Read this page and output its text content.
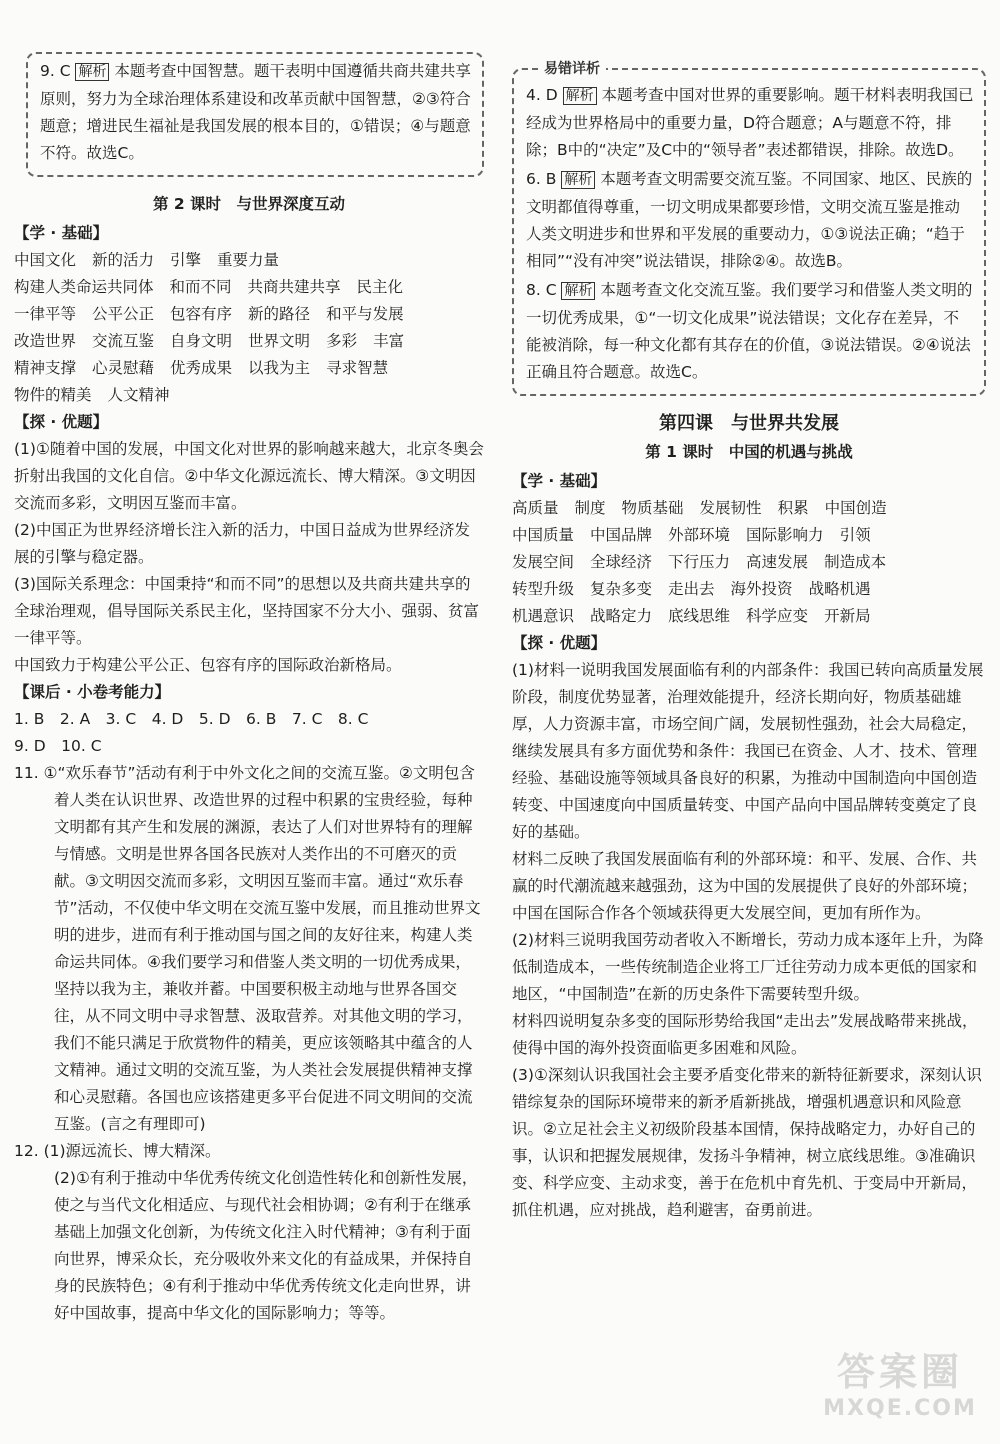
9. C 解析 本题考查中国智慧。题干表明中国遵循共商共建共享原则，努力为全球治理体系建设和改革贡献中国智慧，②③符合题意；增进民生福祉是我国发展的根本目的，①错误；④与题意不符。故选C。

第 2 课时　与世界深度互动

【学 · 基础】

中国文化 新的活力 引擎 重要力量
构建人类命运共同体 和而不同 共商共建共享 民主化
一律平等 公平公正 包容有序 新的路径 和平与发展
改造世界 交流互鉴 自身文明 世界文明 多彩 丰富
精神支撑 心灵慰藉 优秀成果 以我为主 寻求智慧
物件的精美 人文精神

【探 · 优题】

(1)①随着中国的发展，中国文化对世界的影响越来越大，北京冬奥会折射出我国的文化自信。②中华文化源远流长、博大精深。③文明因交流而多彩，文明因互鉴而丰富。

(2)中国正为世界经济增长注入新的活力，中国日益成为世界经济发展的引擎与稳定器。

(3)国际关系理念：中国秉持“和而不同”的思想以及共商共建共享的全球治理观，倡导国际关系民主化，坚持国家不分大小、强弱、贫富一律平等。

中国致力于构建公平公正、包容有序的国际政治新格局。

【课后 · 小卷考能力】

1. B　2. A　3. C　4. D　5. D　6. B　7. C　8. C

9. D　10. C

11. ①“欢乐春节”活动有利于中外文化之间的交流互鉴。②文明包含着人类在认识世界、改造世界的过程中积累的宝贵经验，每种文明都有其产生和发展的渊源，表达了人们对世界特有的理解与情感。文明是世界各国各民族对人类作出的不可磨灭的贡献。③文明因交流而多彩，文明因互鉴而丰富。通过“欢乐春节”活动，不仅使中华文明在交流互鉴中发展，而且推动世界文明的进步，进而有利于推动国与国之间的友好往来，构建人类命运共同体。④我们要学习和借鉴人类文明的一切优秀成果，坚持以我为主，兼收并蓄。中国要积极主动地与世界各国交往，从不同文明中寻求智慧、汲取营养。对其他文明的学习，我们不能只满足于欣赏物件的精美，更应该领略其中蕴含的人文精神。通过文明的交流互鉴，为人类社会发展提供精神支撑和心灵慰藉。各国也应该搭建更多平台促进不同文明间的交流互鉴。(言之有理即可)

12. (1)源远流长、博大精深。

(2)①有利于推动中华优秀传统文化创造性转化和创新性发展，使之与当代文化相适应、与现代社会相协调；②有利于在继承基础上加强文化创新，为传统文化注入时代精神；③有利于面向世界，博采众长，充分吸收外来文化的有益成果，并保持自身的民族特色；④有利于推动中华优秀传统文化走向世界，讲好中国故事，提高中华文化的国际影响力；等等。

易错详析

4. D 解析 本题考查中国对世界的重要影响。题干材料表明我国已经成为世界格局中的重要力量，D符合题意；A与题意不符，排除；B中的“决定”及C中的“领导者”表述都错误，排除。故选D。

6. B 解析 本题考查文明需要交流互鉴。不同国家、地区、民族的文明都值得尊重，一切文明成果都要珍惜，文明交流互鉴是推动人类文明进步和世界和平发展的重要动力，①③说法正确；“趋于相同”“没有冲突”说法错误，排除②④。故选B。

8. C 解析 本题考查文化交流互鉴。我们要学习和借鉴人类文明的一切优秀成果，①“一切文化成果”说法错误；文化存在差异，不能被消除，每一种文化都有其存在的价值，③说法错误。②④说法正确且符合题意。故选C。

第四课　与世界共发展
第 1 课时　中国的机遇与挑战

【学 · 基础】

高质量 制度 物质基础 发展韧性 积累 中国创造
中国质量 中国品牌 外部环境 国际影响力 引领
发展空间 全球经济 下行压力 高速发展 制造成本
转型升级 复杂多变 走出去 海外投资 战略机遇
机遇意识 战略定力 底线思维 科学应变 开新局

【探 · 优题】

(1)材料一说明我国发展面临有利的内部条件：我国已转向高质量发展阶段，制度优势显著，治理效能提升，经济长期向好，物质基础雄厚，人力资源丰富，市场空间广阔，发展韧性强劲，社会大局稳定，继续发展具有多方面优势和条件：我国已在资金、人才、技术、管理经验、基础设施等领域具备良好的积累，为推动中国制造向中国创造转变、中国速度向中国质量转变、中国产品向中国品牌转变奠定了良好的基础。

材料二反映了我国发展面临有利的外部环境：和平、发展、合作、共赢的时代潮流越来越强劲，这为中国的发展提供了良好的外部环境；中国在国际合作各个领域获得更大发展空间，更加有所作为。

(2)材料三说明我国劳动者收入不断增长，劳动力成本逐年上升，为降低制造成本，一些传统制造企业将工厂迁往劳动力成本更低的国家和地区，“中国制造”在新的历史条件下需要转型升级。

材料四说明复杂多变的国际形势给我国“走出去”发展战略带来挑战，使得中国的海外投资面临更多困难和风险。

(3)①深刻认识我国社会主要矛盾变化带来的新特征新要求，深刻认识错综复杂的国际环境带来的新矛盾新挑战，增强机遇意识和风险意识。②立足社会主义初级阶段基本国情，保持战略定力，办好自己的事，认识和把握发展规律，发扬斗争精神，树立底线思维。③准确识变、科学应变、主动求变，善于在危机中育先机、于变局中开新局，抓住机遇，应对挑战，趋利避害，奋勇前进。

答案圈
MXQE.COM
